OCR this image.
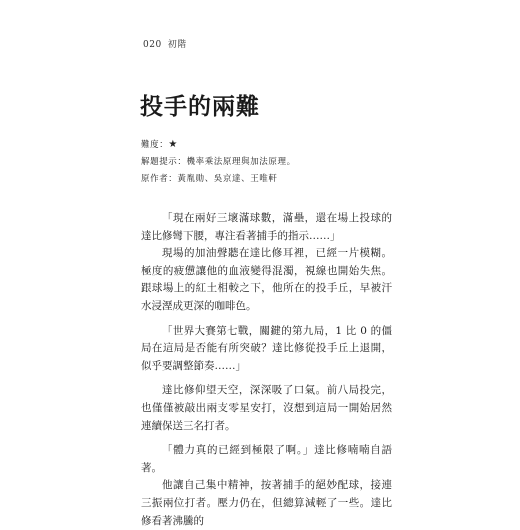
020 初階
投手的兩難
難度：★
解題提示：機率乘法原理與加法原理。
原作者：黃胤勛、吳京達、王唯軒

「現在兩好三壞滿球數，滿壘，還在場上投球的達比修彎下腰，專注看著捕手的指示……」

現場的加油聲聽在達比修耳裡，已經一片模糊。極度的疲憊讓他的血液變得混濁，視線也開始失焦。跟球場上的紅土相較之下，他所在的投手丘，早被汗水浸溼成更深的咖啡色。

「世界大賽第七戰，關鍵的第九局，1 比 0 的僵局在這局是否能有所突破？達比修從投手丘上退開，似乎要調整節奏……」

達比修仰望天空，深深吸了口氣。前八局投完，也僅僅被敲出兩支零星安打，沒想到這局一開始居然連續保送三名打者。

「體力真的已經到極限了啊。」達比修喃喃自語著。

他讓自己集中精神，按著捕手的絕妙配球，接連三振兩位打者。壓力仍在，但總算減輕了一些。達比修看著沸騰的
